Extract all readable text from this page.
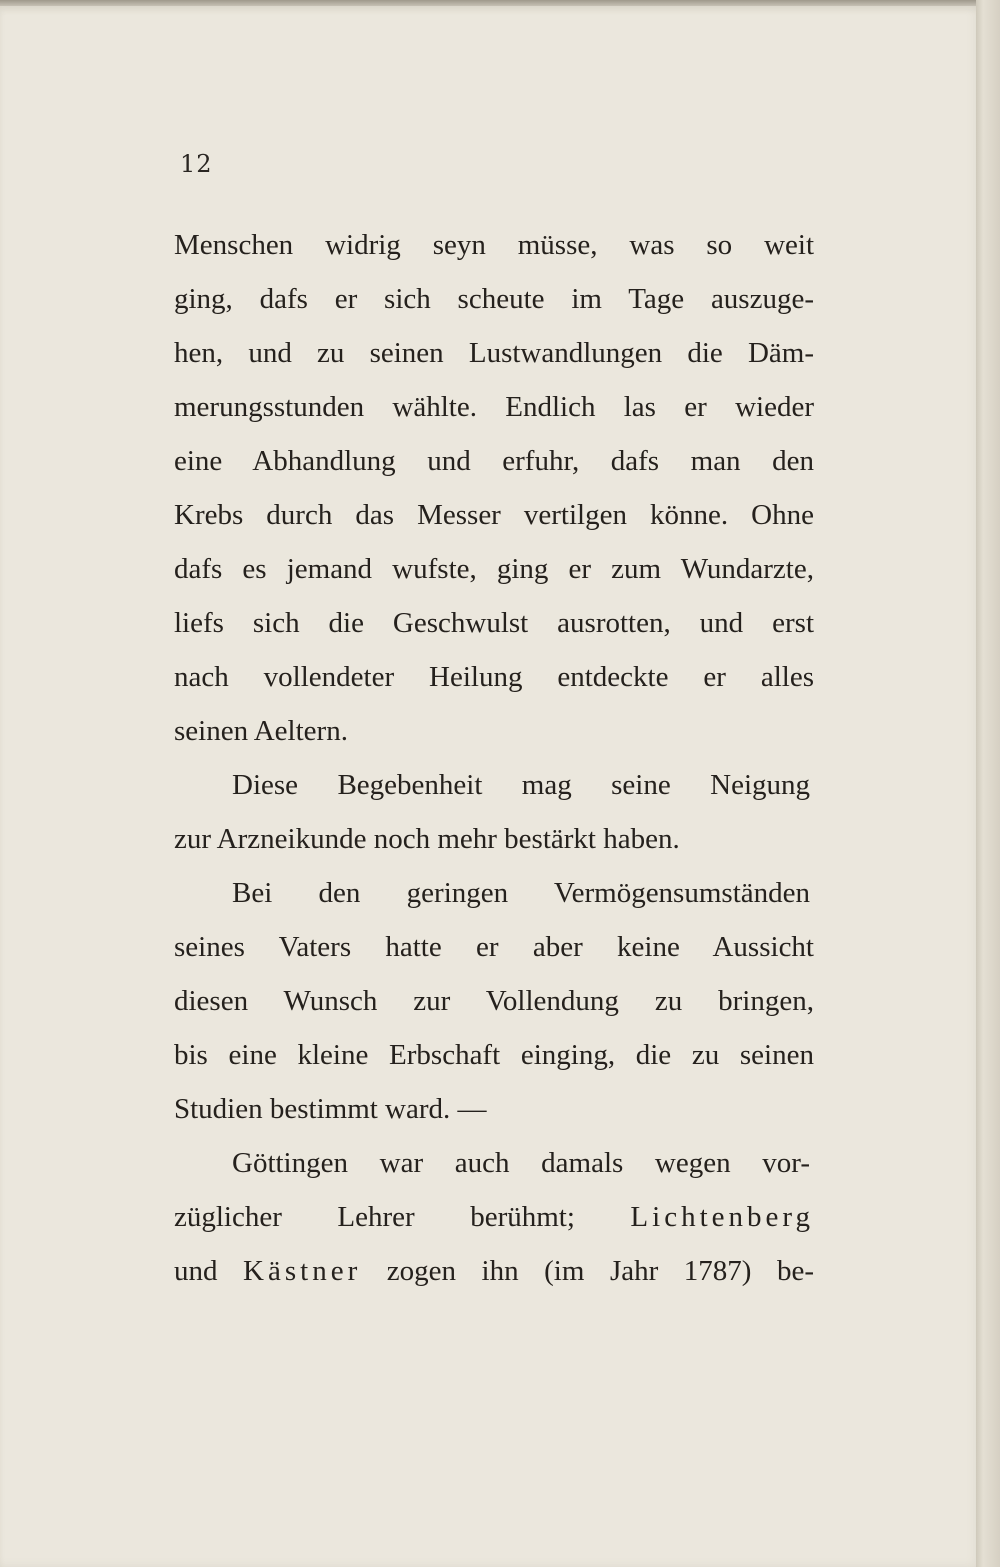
12
Menschen widrig seyn müsse, was so weit
ging, dafs er sich scheute im Tage auszuge-
hen, und zu seinen Lustwandlungen die Däm-
merungsstunden wählte. Endlich las er wieder
eine Abhandlung und erfuhr, dafs man den
Krebs durch das Messer vertilgen könne. Ohne
dafs es jemand wufste, ging er zum Wundarzte,
liefs sich die Geschwulst ausrotten, und erst
nach vollendeter Heilung entdeckte er alles
seinen Aeltern.
Diese Begebenheit mag seine Neigung
zur Arzneikunde noch mehr bestärkt haben.
Bei den geringen Vermögensumständen
seines Vaters hatte er aber keine Aussicht
diesen Wunsch zur Vollendung zu bringen,
bis eine kleine Erbschaft einging, die zu seinen
Studien bestimmt ward. —
Göttingen war auch damals wegen vor-
züglicher Lehrer berühmt; Lichtenberg
und Kästner zogen ihn (im Jahr 1787) be-
